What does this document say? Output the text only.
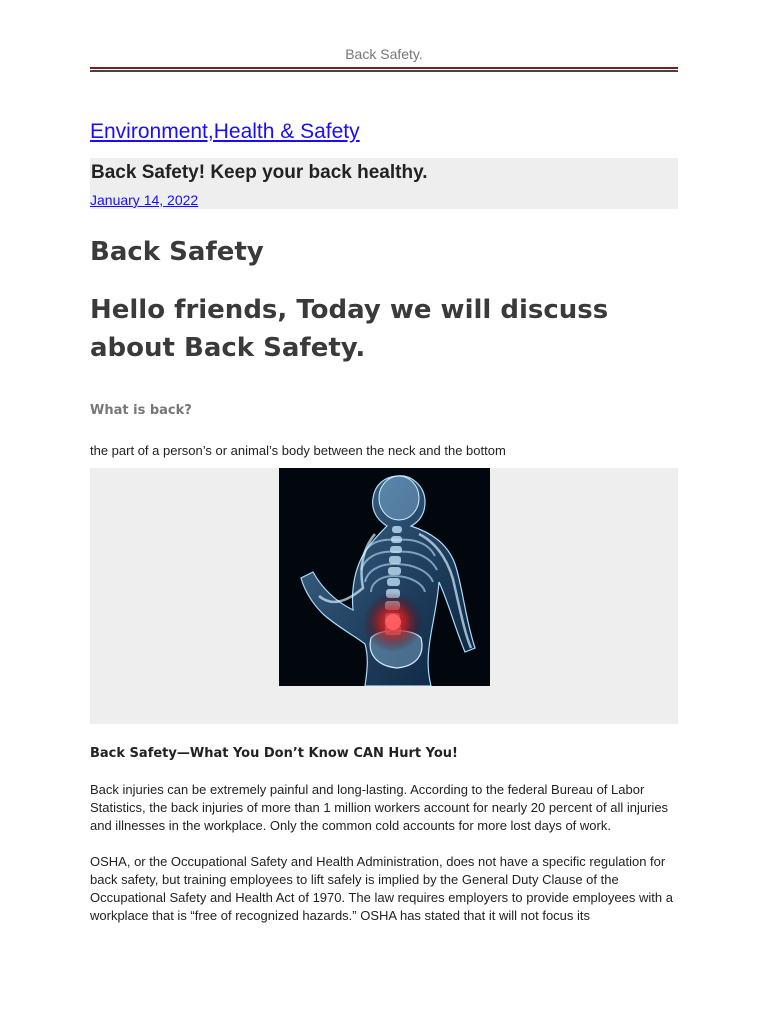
Back Safety.
Environment,Health & Safety
Back Safety! Keep your back healthy.
January 14, 2022
Back Safety
Hello friends, Today we will discuss about Back Safety.
What is back?

the part of a person’s or animal’s body between the neck and the bottom

Back Safety—What You Don’t Know CAN Hurt You!

Back injuries can be extremely painful and long-lasting. According to the federal Bureau of Labor Statistics, the back injuries of more than 1 million workers account for nearly 20 percent of all injuries and illnesses in the workplace. Only the common cold accounts for more lost days of work.

OSHA, or the Occupational Safety and Health Administration, does not have a specific regulation for back safety, but training employees to lift safely is implied by the General Duty Clause of the Occupational Safety and Health Act of 1970. The law requires employers to provide employees with a workplace that is “free of recognized hazards.” OSHA has stated that it will not focus its
